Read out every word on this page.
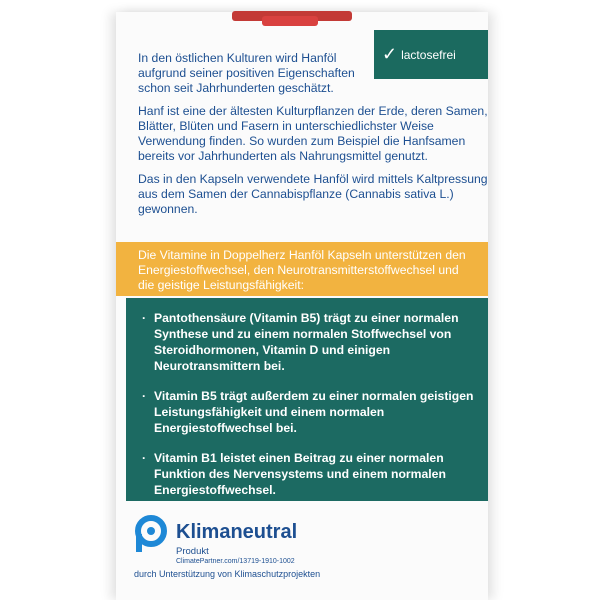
✓ lactosefrei

In den östlichen Kulturen wird Hanföl aufgrund seiner positiven Eigenschaften schon seit Jahrhunderten geschätzt.

Hanf ist eine der ältesten Kulturpflanzen der Erde, deren Samen, Blätter, Blüten und Fasern in unterschiedlichster Weise Verwendung finden. So wurden zum Beispiel die Hanfsamen bereits vor Jahrhunderten als Nahrungsmittel genutzt.

Das in den Kapseln verwendete Hanföl wird mittels Kaltpressung aus dem Samen der Cannabispflanze (Cannabis sativa L.) gewonnen.

Die Vitamine in Doppelherz Hanföl Kapseln unterstützen den Energiestoffwechsel, den Neurotransmitterstoffwechsel und die geistige Leistungsfähigkeit:
· Pantothensäure (Vitamin B5) trägt zu einer normalen Synthese und zu einem normalen Stoffwechsel von Steroidhormonen, Vitamin D und einigen Neurotransmittern bei.
· Vitamin B5 trägt außerdem zu einer normalen geistigen Leistungsfähigkeit und einem normalen Energiestoffwechsel bei.
· Vitamin B1 leistet einen Beitrag zu einer normalen Funktion des Nervensystems und einem normalen Energiestoffwechsel.
Klimaneutral
Produkt
ClimatePartner.com/13719-1910-1002
durch Unterstützung von Klimaschutzprojekten
